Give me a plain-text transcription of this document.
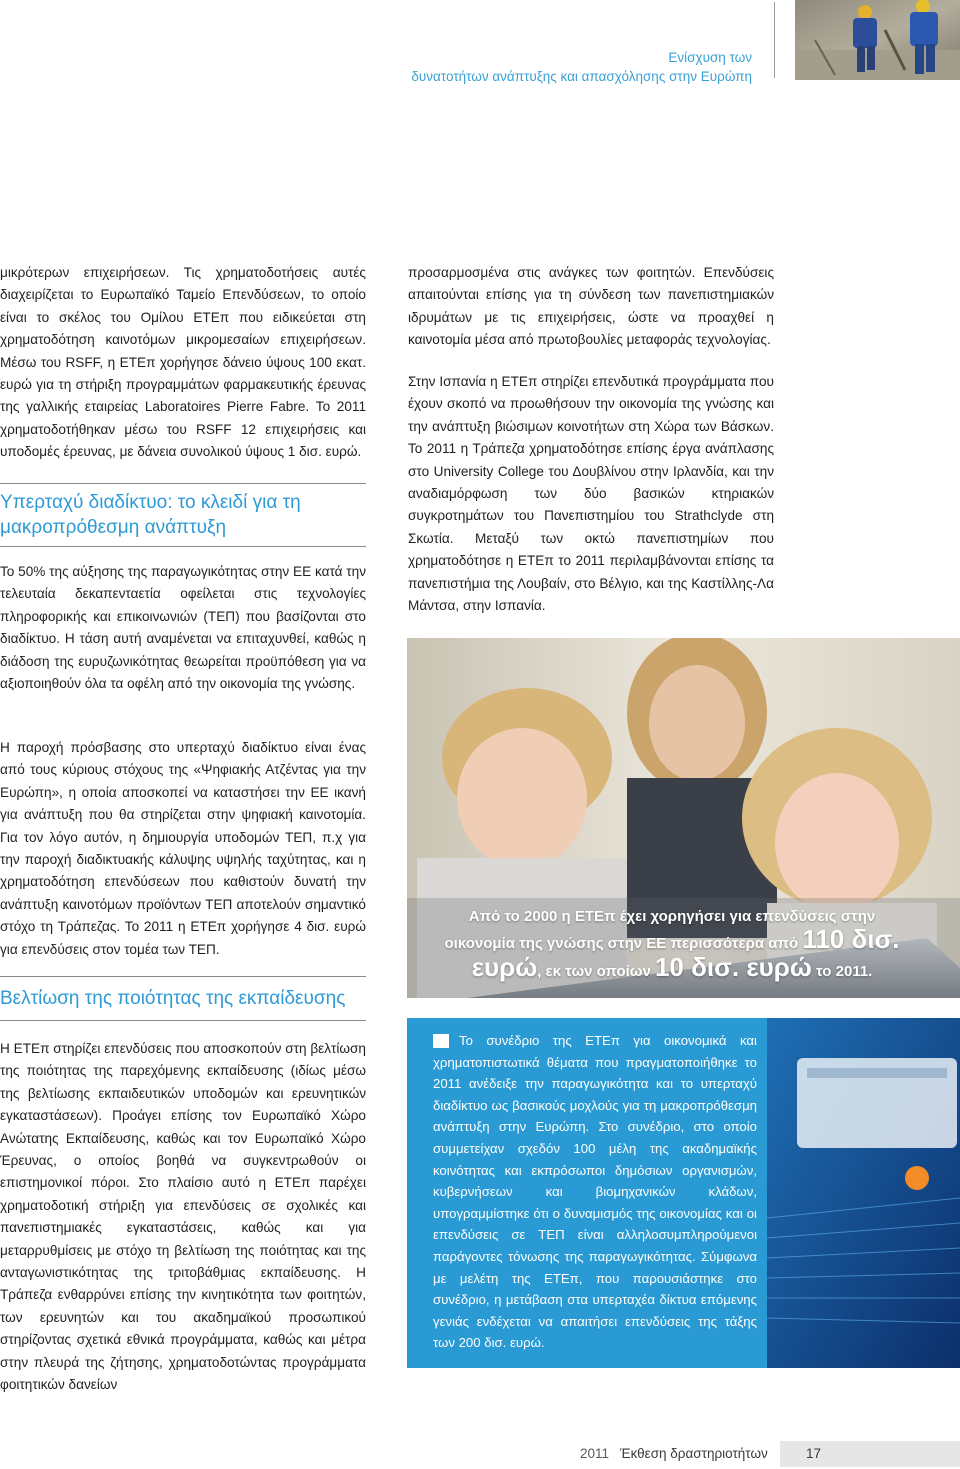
Ενίσχυση των
δυνατοτήτων ανάπτυξης και απασχόλησης στην Ευρώπη

μικρότερων επιχειρήσεων. Τις χρηματοδοτήσεις αυτές διαχειρίζεται το Ευρωπαϊκό Ταμείο Επενδύσεων, το οποίο είναι το σκέλος του Ομίλου ΕΤΕπ που ειδικεύεται στη χρηματοδότηση καινοτόμων μικρομεσαίων επιχειρήσεων. Μέσω του RSFF, η ΕΤΕπ χορήγησε δάνειο ύψους 100 εκατ. ευρώ για τη στήριξη προγραμμάτων φαρμακευτικής έρευνας της γαλλικής εταιρείας Laboratoires Pierre Fabre. Το 2011 χρηματοδοτήθηκαν μέσω του RSFF 12 επιχειρήσεις και υποδομές έρευνας, με δάνεια συνολικού ύψους 1 δισ. ευρώ.

Υπερταχύ διαδίκτυο: το κλειδί για τη μακροπρόθεσμη ανάπτυξη

Το 50% της αύξησης της παραγωγικότητας στην ΕΕ κατά την τελευταία δεκαπενταετία οφείλεται στις τεχνολογίες πληροφορικής και επικοινωνιών (ΤΕΠ) που βασίζονται στο διαδίκτυο. Η τάση αυτή αναμένεται να επιταχυνθεί, καθώς η διάδοση της ευρυζωνικότητας θεωρείται προϋπόθεση για να αξιοποιηθούν όλα τα οφέλη από την οικονομία της γνώσης.

Η παροχή πρόσβασης στο υπερταχύ διαδίκτυο είναι ένας από τους κύριους στόχους της «Ψηφιακής Ατζέντας για την Ευρώπη», η οποία αποσκοπεί να καταστήσει την ΕΕ ικανή για ανάπτυξη που θα στηρίζεται στην ψηφιακή καινοτομία. Για τον λόγο αυτόν, η δημιουργία υποδομών ΤΕΠ, π.χ για την παροχή διαδικτυακής κάλυψης υψηλής ταχύτητας, και η χρηματοδότηση επενδύσεων που καθιστούν δυνατή την ανάπτυξη καινοτόμων προϊόντων ΤΕΠ αποτελούν σημαντικό στόχο τη Τράπεζας. Το 2011 η ΕΤΕπ χορήγησε 4 δισ. ευρώ για επενδύσεις στον τομέα των ΤΕΠ.

Βελτίωση της ποιότητας της εκπαίδευσης

Η ΕΤΕπ στηρίζει επενδύσεις που αποσκοπούν στη βελτίωση της ποιότητας της παρεχόμενης εκπαίδευσης (ιδίως μέσω της βελτίωσης εκπαιδευτικών υποδομών και ερευνητικών εγκαταστάσεων). Προάγει επίσης τον Ευρωπαϊκό Χώρο Ανώτατης Εκπαίδευσης, καθώς και τον Ευρωπαϊκό Χώρο Έρευνας, ο οποίος βοηθά να συγκεντρωθούν οι επιστημονικοί πόροι. Στο πλαίσιο αυτό η ΕΤΕπ παρέχει χρηματοδοτική στήριξη για επενδύσεις σε σχολικές και πανεπιστημιακές εγκαταστάσεις, καθώς και για μεταρρυθμίσεις με στόχο τη βελτίωση της ποιότητας και της ανταγωνιστικότητας της τριτοβάθμιας εκπαίδευσης. Η Τράπεζα ενθαρρύνει επίσης την κινητικότητα των φοιτητών, των ερευνητών και του ακαδημαϊκού προσωπικού στηρίζοντας σχετικά εθνικά προγράμματα, καθώς και μέτρα στην πλευρά της ζήτησης, χρηματοδοτώντας προγράμματα φοιτητικών δανείων

προσαρμοσμένα στις ανάγκες των φοιτητών. Επενδύσεις απαιτούνται επίσης για τη σύνδεση των πανεπιστημιακών ιδρυμάτων με τις επιχειρήσεις, ώστε να προαχθεί η καινοτομία μέσα από πρωτοβουλίες μεταφοράς τεχνολογίας.

Στην Ισπανία η ΕΤΕπ στηρίζει επενδυτικά προγράμματα που έχουν σκοπό να προωθήσουν την οικονομία της γνώσης και την ανάπτυξη βιώσιμων κοινοτήτων στη Χώρα των Βάσκων. Το 2011 η Τράπεζα χρηματοδότησε επίσης έργα ανάπλασης στο University College του Δουβλίνου στην Ιρλανδία, και την αναδιαμόρφωση των δύο βασικών κτηριακών συγκροτημάτων του Πανεπιστημίου του Strathclyde στη Σκωτία. Μεταξύ των οκτώ πανεπιστημίων που χρηματοδότησε η ΕΤΕπ το 2011 περιλαμβάνονται επίσης τα πανεπιστήμια της Λουβαίν, στο Βέλγιο, και της Καστίλλης-Λα Μάντσα, στην Ισπανία.

Από το 2000 η ΕΤΕπ έχει χορηγήσει για επενδύσεις στην
οικονομία της γνώσης στην ΕΕ περισσότερα από 110 δισ.
ευρώ, εκ των οποίων 10 δισ. ευρώ το 2011.
Το συνέδριο της ΕΤΕπ για οικονομικά και χρηματοπιστωτικά θέματα που πραγματοποιήθηκε το 2011 ανέδειξε την παραγωγικότητα και το υπερταχύ διαδίκτυο ως βασικούς μοχλούς για τη μακροπρόθεσμη ανάπτυξη στην Ευρώπη. Στο συνέδριο, στο οποίο συμμετείχαν σχεδόν 100 μέλη της ακαδημαϊκής κοινότητας και εκπρόσωποι δημόσιων οργανισμών, κυβερνήσεων και βιομηχανικών κλάδων, υπογραμμίστηκε ότι ο δυναμισμός της οικονομίας και οι επενδύσεις σε ΤΕΠ είναι αλληλοσυμπληρούμενοι παράγοντες τόνωσης της παραγωγικότητας. Σύμφωνα με μελέτη της ΕΤΕπ, που παρουσιάστηκε στο συνέδριο, η μετάβαση στα υπερταχέα δίκτυα επόμενης γενιάς ενδέχεται να απαιτήσει επενδύσεις της τάξης των 200 δισ. ευρώ.
2011 Έκθεση δραστηριοτήτων	17
